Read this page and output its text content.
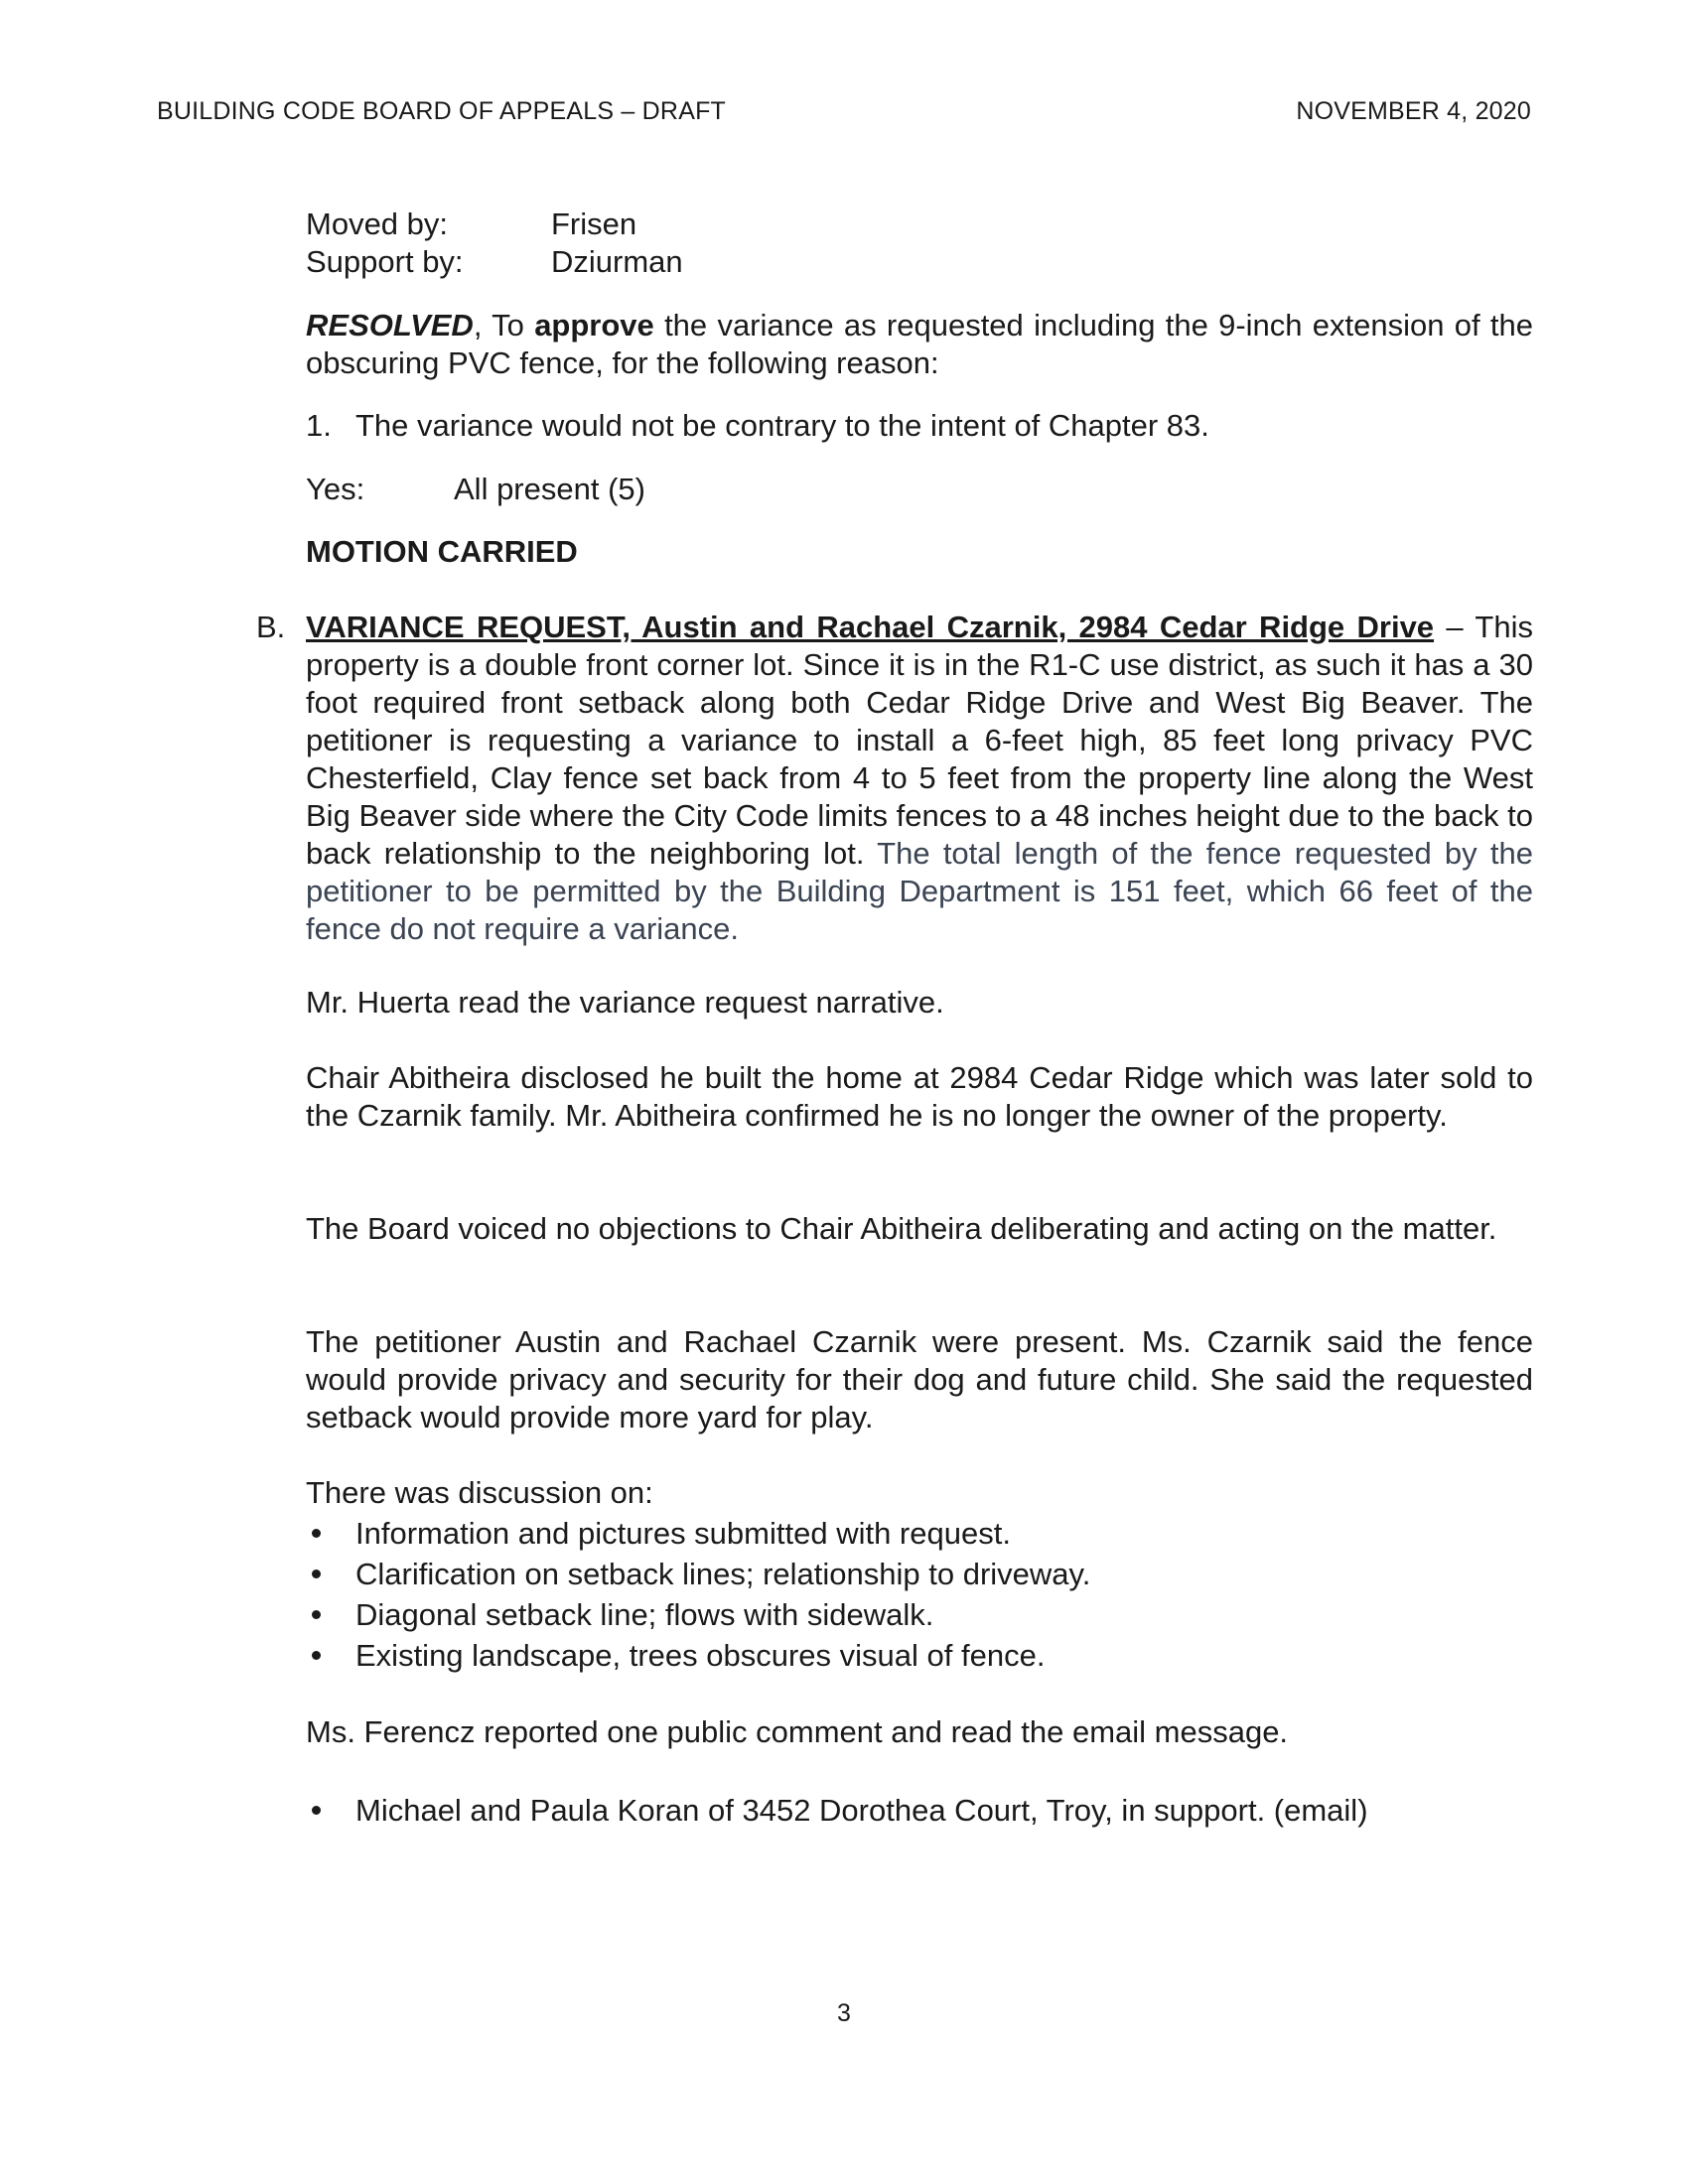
BUILDING CODE BOARD OF APPEALS – DRAFT	NOVEMBER 4, 2020
Moved by:	Frisen
Support by:	Dziurman
RESOLVED, To approve the variance as requested including the 9-inch extension of the obscuring PVC fence, for the following reason:
1. The variance would not be contrary to the intent of Chapter 83.
Yes:	All present (5)
MOTION CARRIED
B. VARIANCE REQUEST, Austin and Rachael Czarnik, 2984 Cedar Ridge Drive – This property is a double front corner lot. Since it is in the R1-C use district, as such it has a 30 foot required front setback along both Cedar Ridge Drive and West Big Beaver. The petitioner is requesting a variance to install a 6-feet high, 85 feet long privacy PVC Chesterfield, Clay fence set back from 4 to 5 feet from the property line along the West Big Beaver side where the City Code limits fences to a 48 inches height due to the back to back relationship to the neighboring lot. The total length of the fence requested by the petitioner to be permitted by the Building Department is 151 feet, which 66 feet of the fence do not require a variance.
Mr. Huerta read the variance request narrative.
Chair Abitheira disclosed he built the home at 2984 Cedar Ridge which was later sold to the Czarnik family. Mr. Abitheira confirmed he is no longer the owner of the property.
The Board voiced no objections to Chair Abitheira deliberating and acting on the matter.
The petitioner Austin and Rachael Czarnik were present. Ms. Czarnik said the fence would provide privacy and security for their dog and future child. She said the requested setback would provide more yard for play.
There was discussion on:
Information and pictures submitted with request.
Clarification on setback lines; relationship to driveway.
Diagonal setback line; flows with sidewalk.
Existing landscape, trees obscures visual of fence.
Ms. Ferencz reported one public comment and read the email message.
Michael and Paula Koran of 3452 Dorothea Court, Troy, in support. (email)
3
